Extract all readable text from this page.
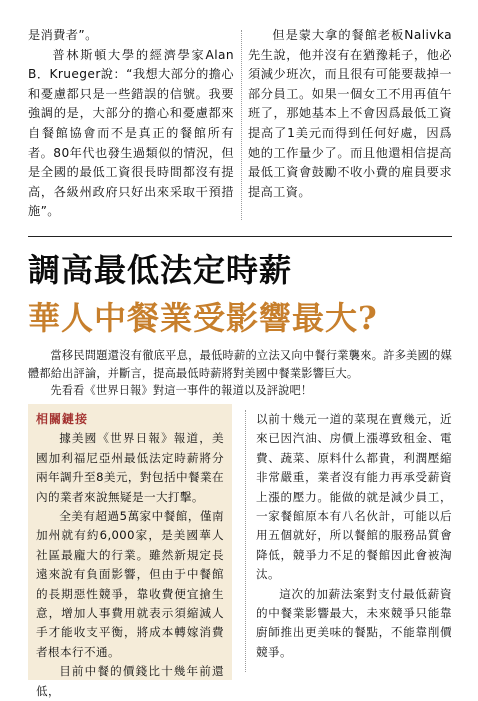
是消費者”。

普林斯頓大學的經濟學家Alan B．Krueger說：“我想大部分的擔心和憂慮都只是一些錯誤的信號。我要強調的是，大部分的擔心和憂慮都來自餐館協會而不是真正的餐館所有者。80年代也發生過類似的情況，但是全國的最低工資很長時間都沒有提高，各級州政府只好出來采取干預措施”。

但是蒙大拿的餐館老板Nalivka先生說，他并沒有在猶豫耗子，他必須減少班次，而且很有可能要裁掉一部分員工。如果一個女工不用再值午班了，那她基本上不會因爲最低工資提高了1美元而得到任何好處，因爲她的工作量少了。而且他還相信提高最低工資會鼓勵不收小費的雇員要求提高工資。

調高最低法定時薪
華人中餐業受影響最大?

當移民問題還沒有徹底平息，最低時薪的立法又向中餐行業襲來。許多美國的媒體都給出評論，并斷言，提高最低時薪將對美國中餐業影響巨大。

先看看《世界日報》對這一事件的報道以及評說吧！

相關鏈接

據美國《世界日報》報道，美國加利福尼亞州最低法定時薪將分兩年調升至8美元，對包括中餐業在內的業者來說無疑是一大打擊。

全美有超過5萬家中餐館，僅南加州就有約6,000家，是美國華人社區最龐大的行業。雖然新規定長遠來說有負面影響，但由于中餐館的長期惡性競爭，靠收費便宜搶生意，增加人事費用就表示須縮減人手才能收支平衡，將成本轉嫁消費者根本行不通。

目前中餐的價錢比十幾年前還低，

以前十幾元一道的菜現在賣幾元，近來已因汽油、房價上漲導致租金、電費、蔬菜、原料什么都貴，利潤壓縮非常嚴重，業者沒有能力再承受薪資上漲的壓力。能做的就是減少員工，一家餐館原本有八名伙計，可能以后用五個就好，所以餐館的服務品質會降低，競爭力不足的餐館因此會被淘汰。

這次的加薪法案對支付最低薪資的中餐業影響最大，未來競爭只能靠廚師推出更美味的餐點，不能靠削價競爭。
